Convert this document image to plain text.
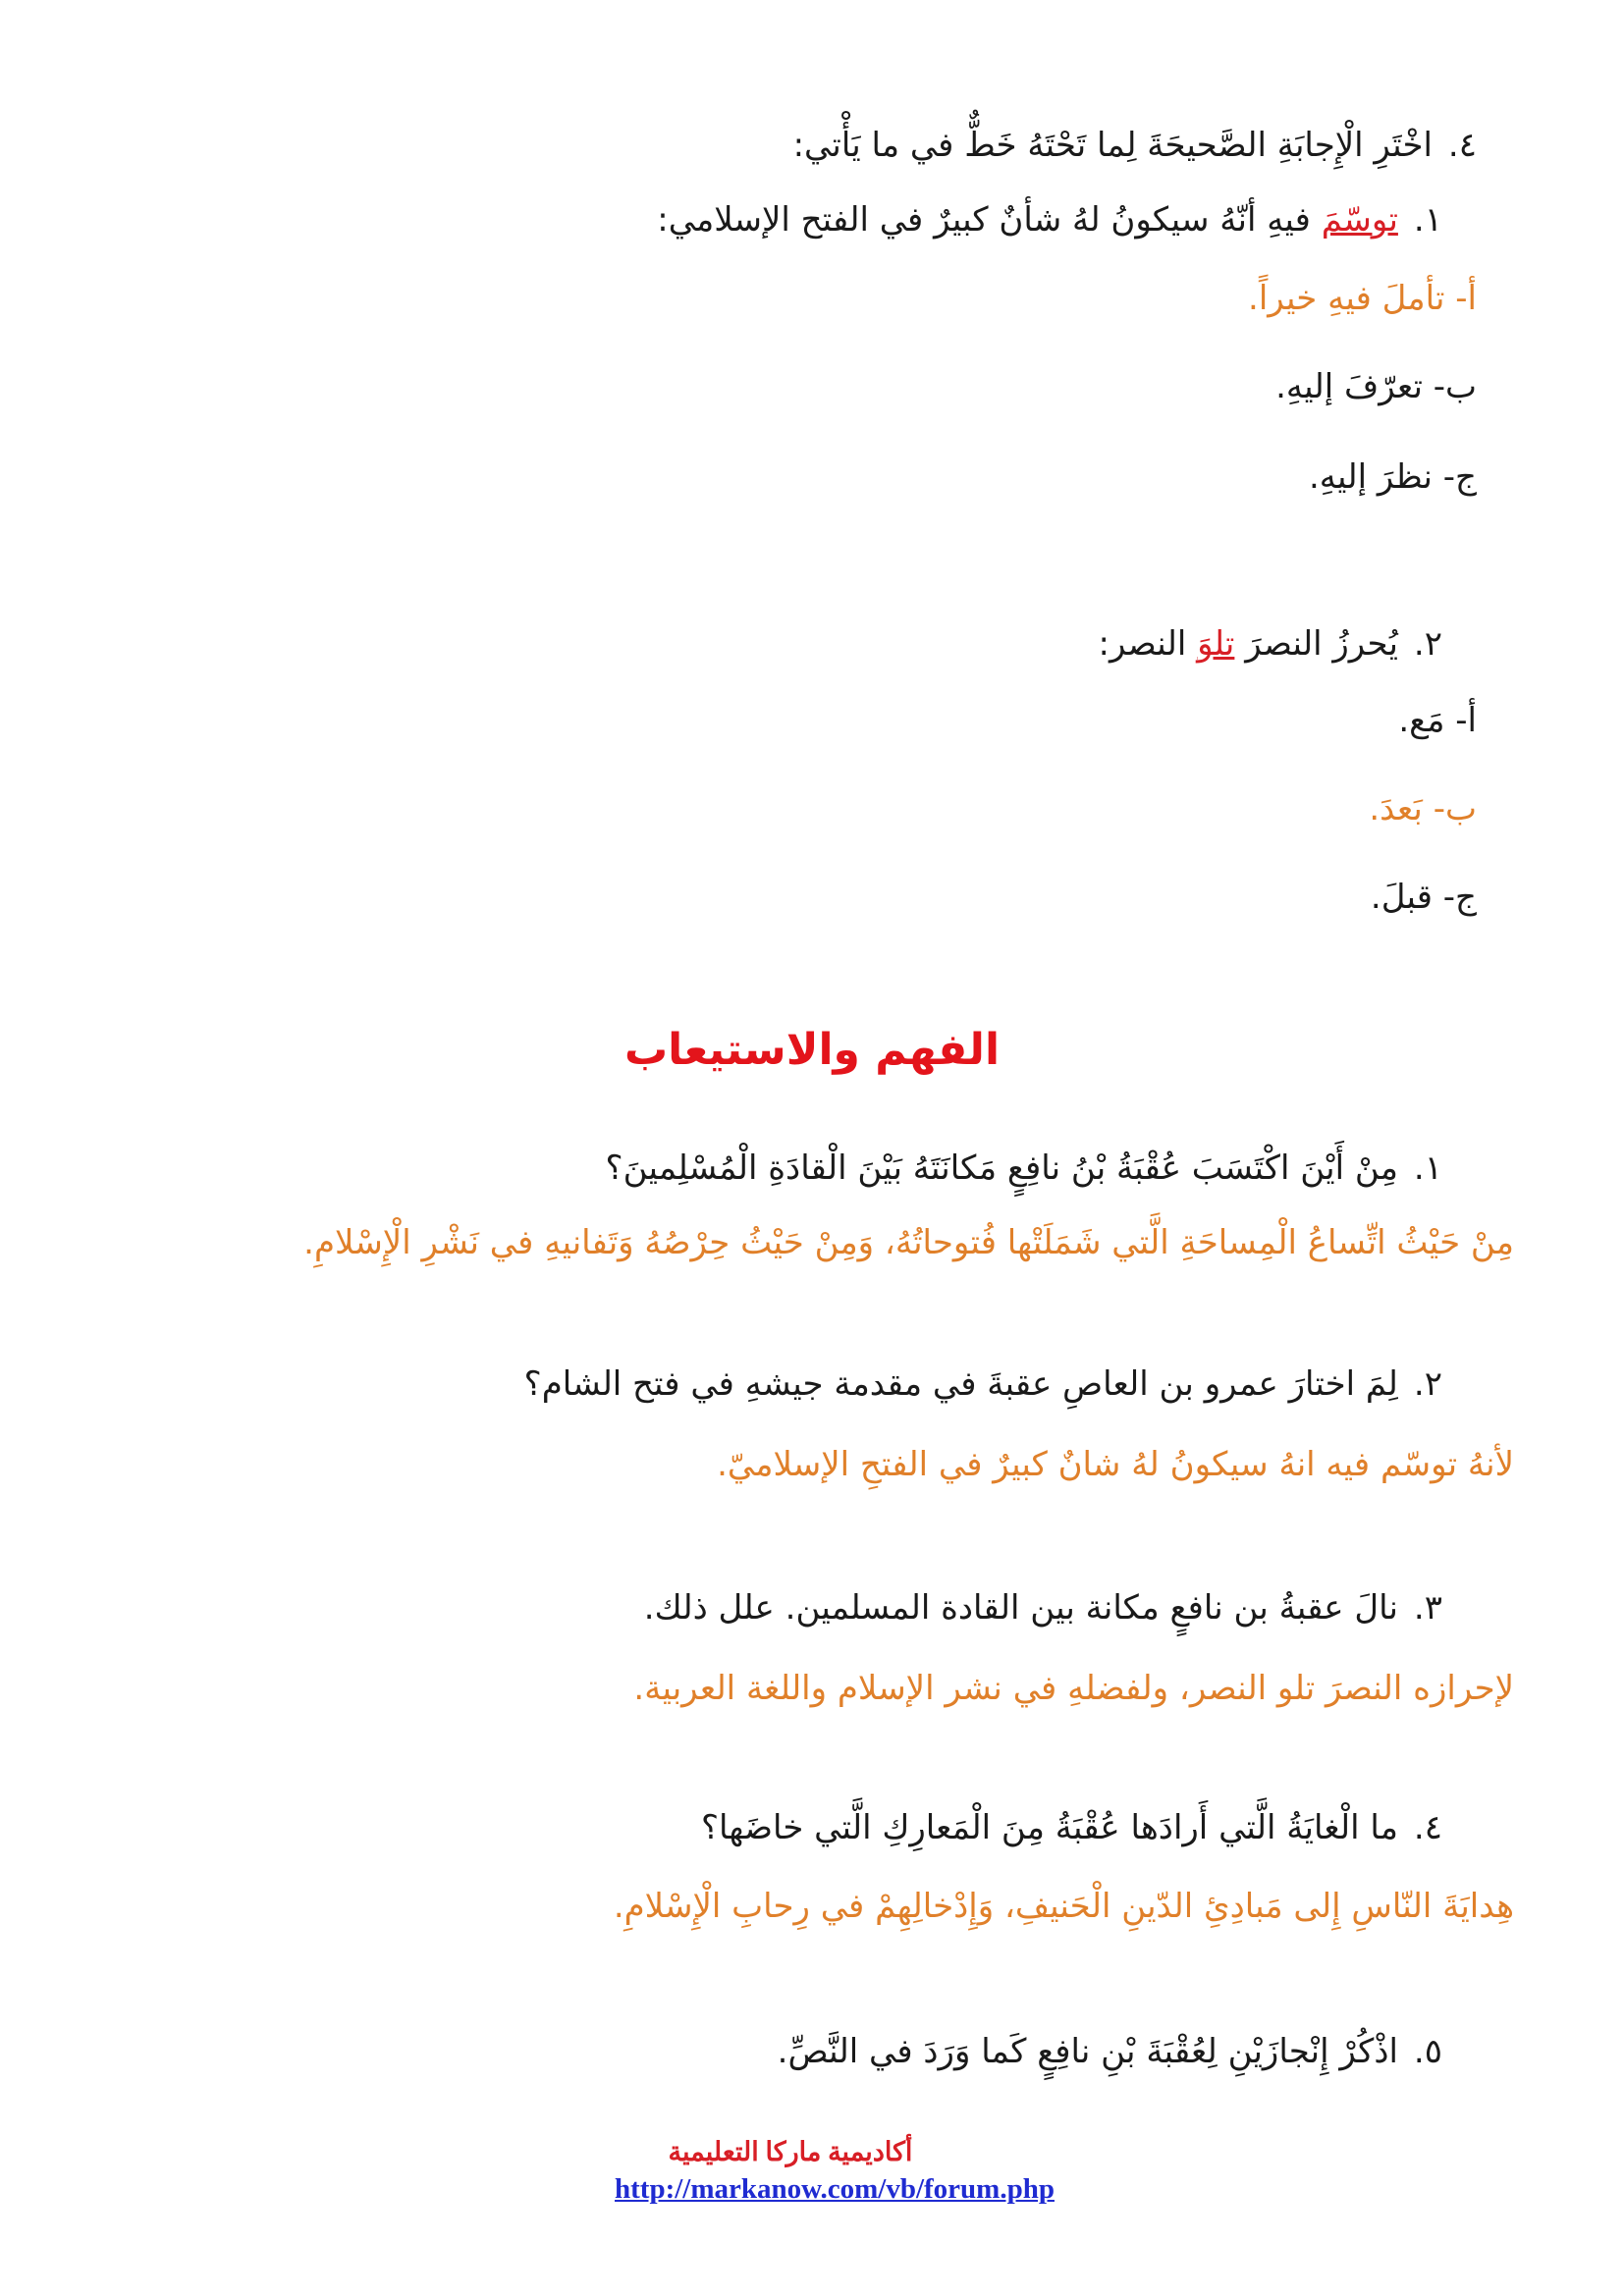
٤.اخْتَرِ الْإِجابَةِ الصَّحيحَةَ لِما تَحْتَهُ خَطٌّ في ما يَأْتي:
١.توسّمَ فيهِ أنّهُ سيكونُ لهُ شأنٌ كبيرٌ في الفتح الإسلامي:
أ- تأملَ فيهِ خيراً.
ب- تعرّفَ إليهِ.
ج- نظرَ إليهِ.
٢.يُحرزُ النصرَ تلوَ النصر:
أ- مَع.
ب- بَعدَ.
ج- قبلَ.
الفهم والاستيعاب
١.مِنْ أَيْنَ اكْتَسَبَ عُقْبَةُ بْنُ نافِعٍ مَكانَتَهُ بَيْنَ الْقادَةِ الْمُسْلِمينَ؟
مِنْ حَيْثُ اتِّساعُ الْمِساحَةِ الَّتي شَمَلَتْها فُتوحاتُهُ، وَمِنْ حَيْثُ حِرْصُهُ وَتَفانيهِ في نَشْرِ الْإِسْلامِ.
٢.لِمَ اختارَ عمرو بن العاصِ عقبةَ في مقدمة جيشهِ في فتح الشام؟
لأنهُ توسّم فيه انهُ سيكونُ لهُ شانٌ كبيرٌ في الفتحِ الإسلاميّ.
٣.نالَ عقبةُ بن نافعٍ مكانة بين القادة المسلمين. علل ذلك.
لإحرازه النصرَ تلو النصر، ولفضلهِ في نشر الإسلام واللغة العربية.
٤.ما الْغايَةُ الَّتي أَرادَها عُقْبَةُ مِنَ الْمَعارِكِ الَّتي خاضَها؟
هِدايَةَ النّاسِ إِلى مَبادِئِ الدّينِ الْحَنيفِ، وَإِدْخالِهِمْ في رِحابِ الْإِسْلامِ.
٥.اذْكُرْ إِنْجازَيْنِ لِعُقْبَةَ بْنِ نافِعٍ كَما وَرَدَ في النَّصِّ.
أكاديمية ماركا التعليمية
http://markanow.com/vb/forum.php
